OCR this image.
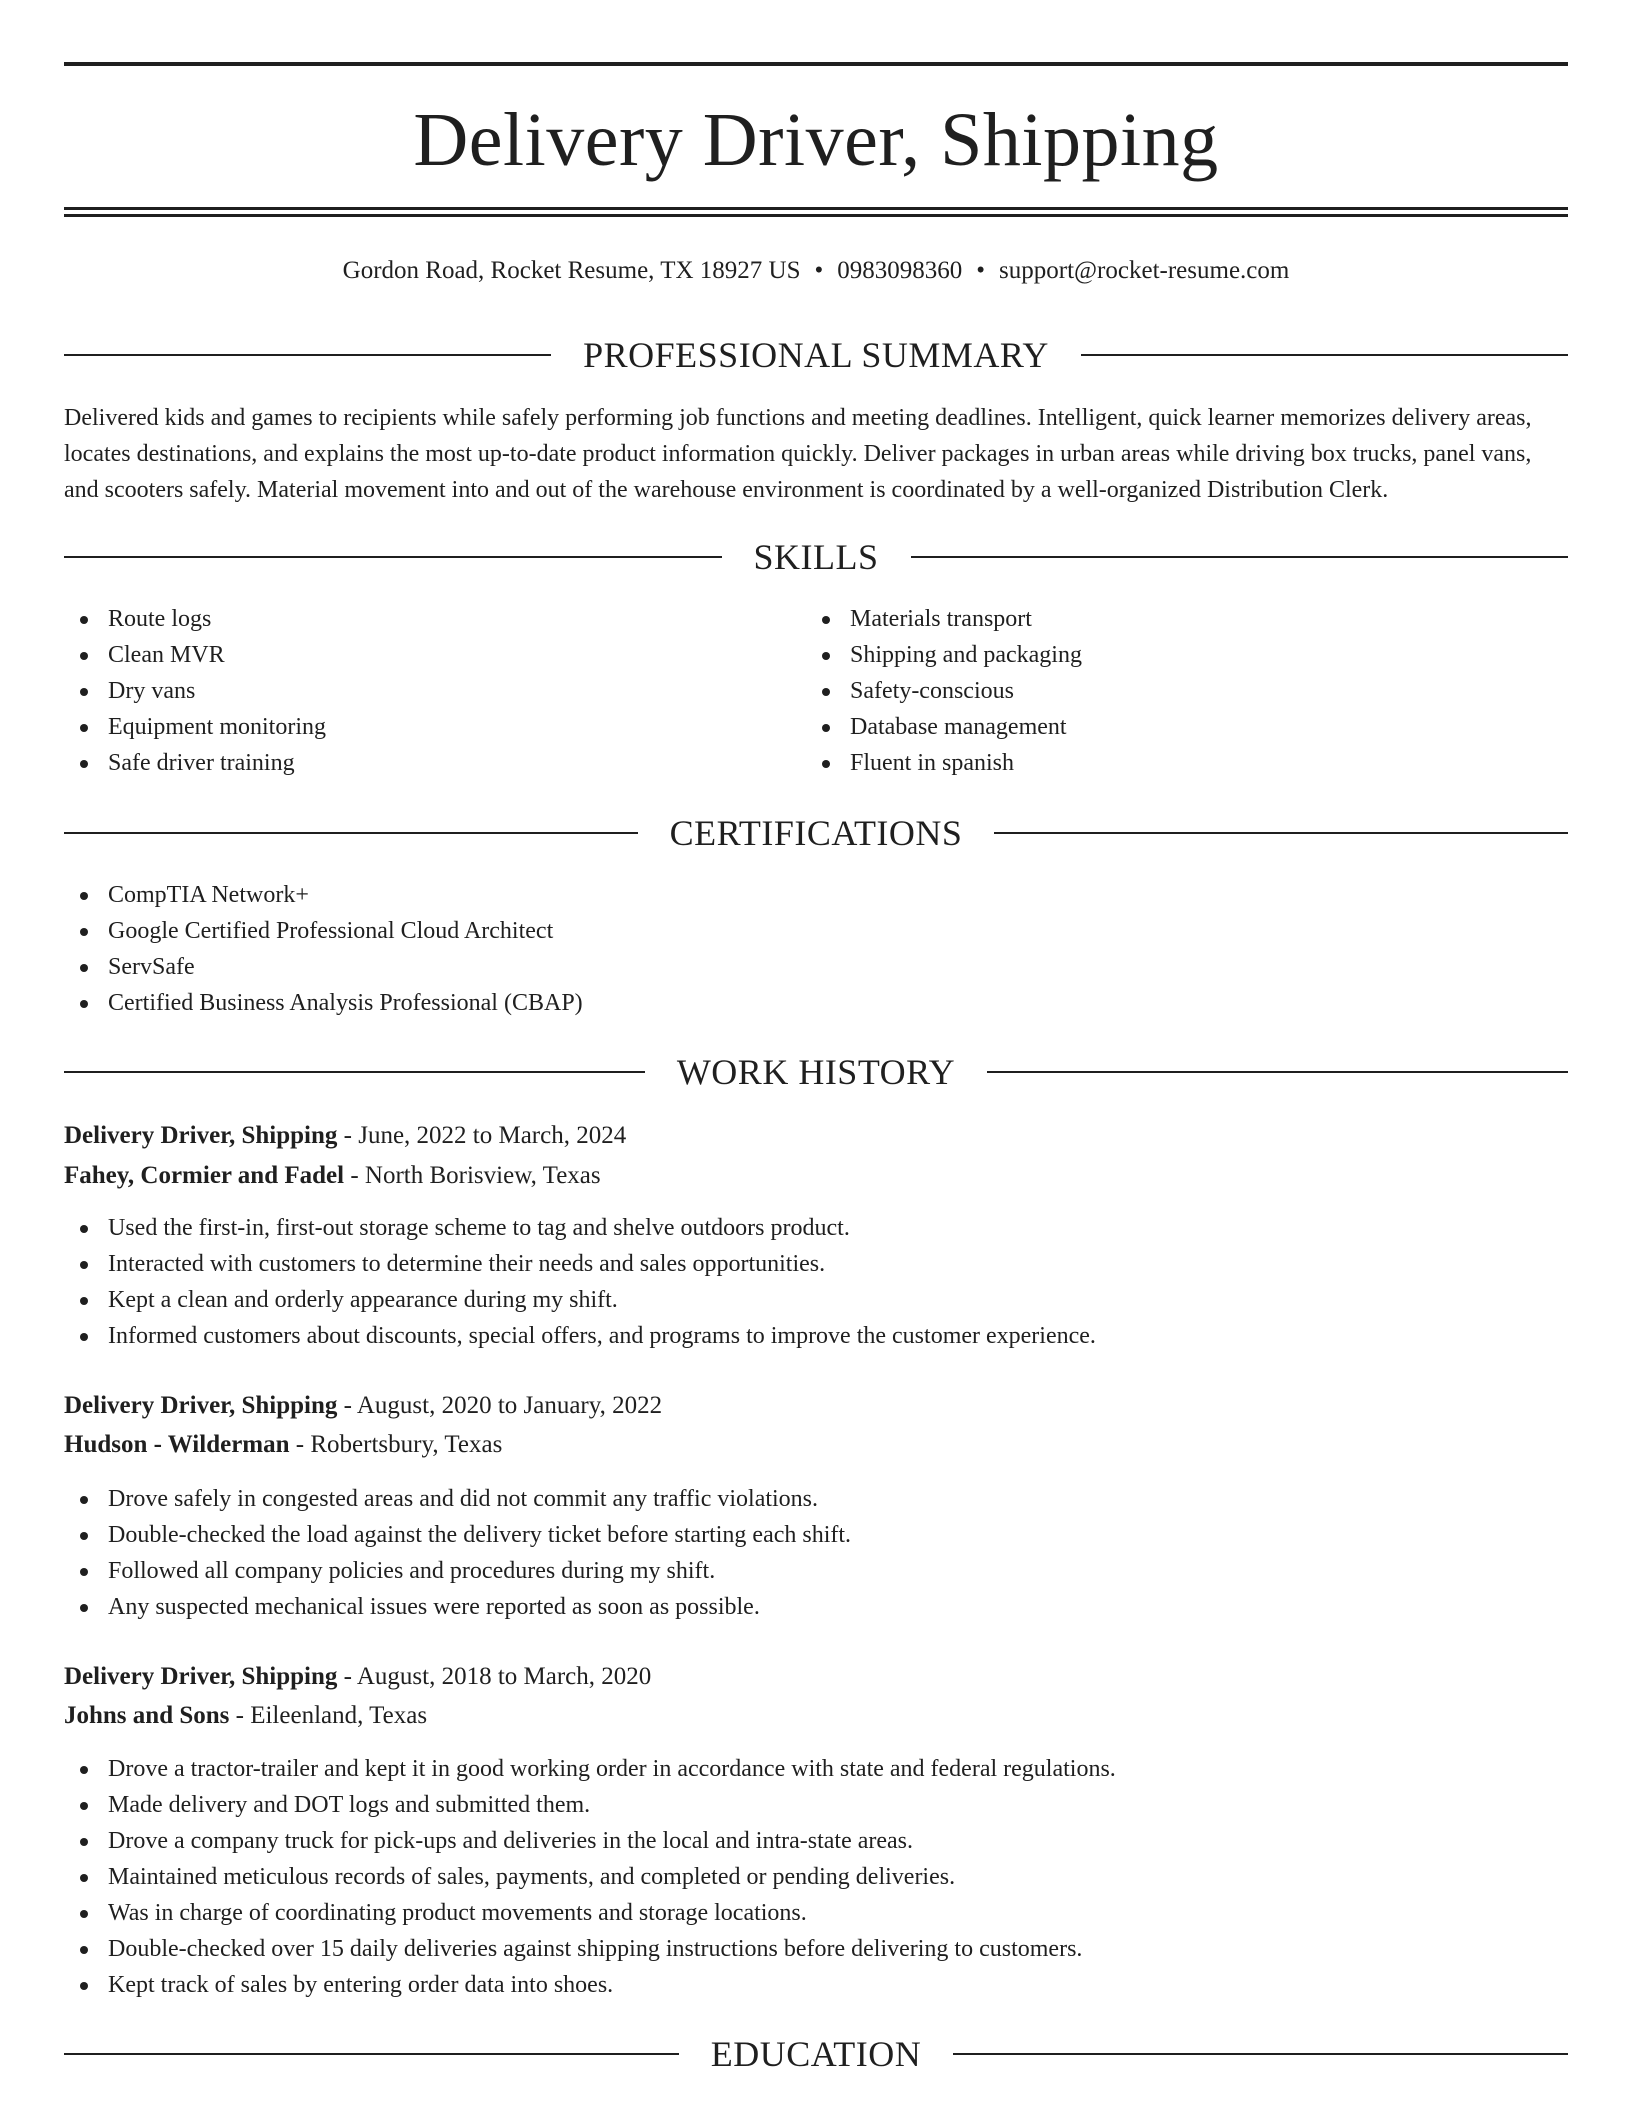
Delivery Driver, Shipping
Gordon Road, Rocket Resume, TX 18927 US • 0983098360 • support@rocket-resume.com
PROFESSIONAL SUMMARY

Delivered kids and games to recipients while safely performing job functions and meeting deadlines. Intelligent, quick learner memorizes delivery areas, locates destinations, and explains the most up-to-date product information quickly. Deliver packages in urban areas while driving box trucks, panel vans, and scooters safely. Material movement into and out of the warehouse environment is coordinated by a well-organized Distribution Clerk.

SKILLS
Route logs
Clean MVR
Dry vans
Equipment monitoring
Safe driver training
Materials transport
Shipping and packaging
Safety-conscious
Database management
Fluent in spanish
CERTIFICATIONS
CompTIA Network+
Google Certified Professional Cloud Architect
ServSafe
Certified Business Analysis Professional (CBAP)
WORK HISTORY
Delivery Driver, Shipping - June, 2022 to March, 2024
Fahey, Cormier and Fadel - North Borisview, Texas
Used the first-in, first-out storage scheme to tag and shelve outdoors product.
Interacted with customers to determine their needs and sales opportunities.
Kept a clean and orderly appearance during my shift.
Informed customers about discounts, special offers, and programs to improve the customer experience.
Delivery Driver, Shipping - August, 2020 to January, 2022
Hudson - Wilderman - Robertsbury, Texas
Drove safely in congested areas and did not commit any traffic violations.
Double-checked the load against the delivery ticket before starting each shift.
Followed all company policies and procedures during my shift.
Any suspected mechanical issues were reported as soon as possible.
Delivery Driver, Shipping - August, 2018 to March, 2020
Johns and Sons - Eileenland, Texas
Drove a tractor-trailer and kept it in good working order in accordance with state and federal regulations.
Made delivery and DOT logs and submitted them.
Drove a company truck for pick-ups and deliveries in the local and intra-state areas.
Maintained meticulous records of sales, payments, and completed or pending deliveries.
Was in charge of coordinating product movements and storage locations.
Double-checked over 15 daily deliveries against shipping instructions before delivering to customers.
Kept track of sales by entering order data into shoes.
EDUCATION
